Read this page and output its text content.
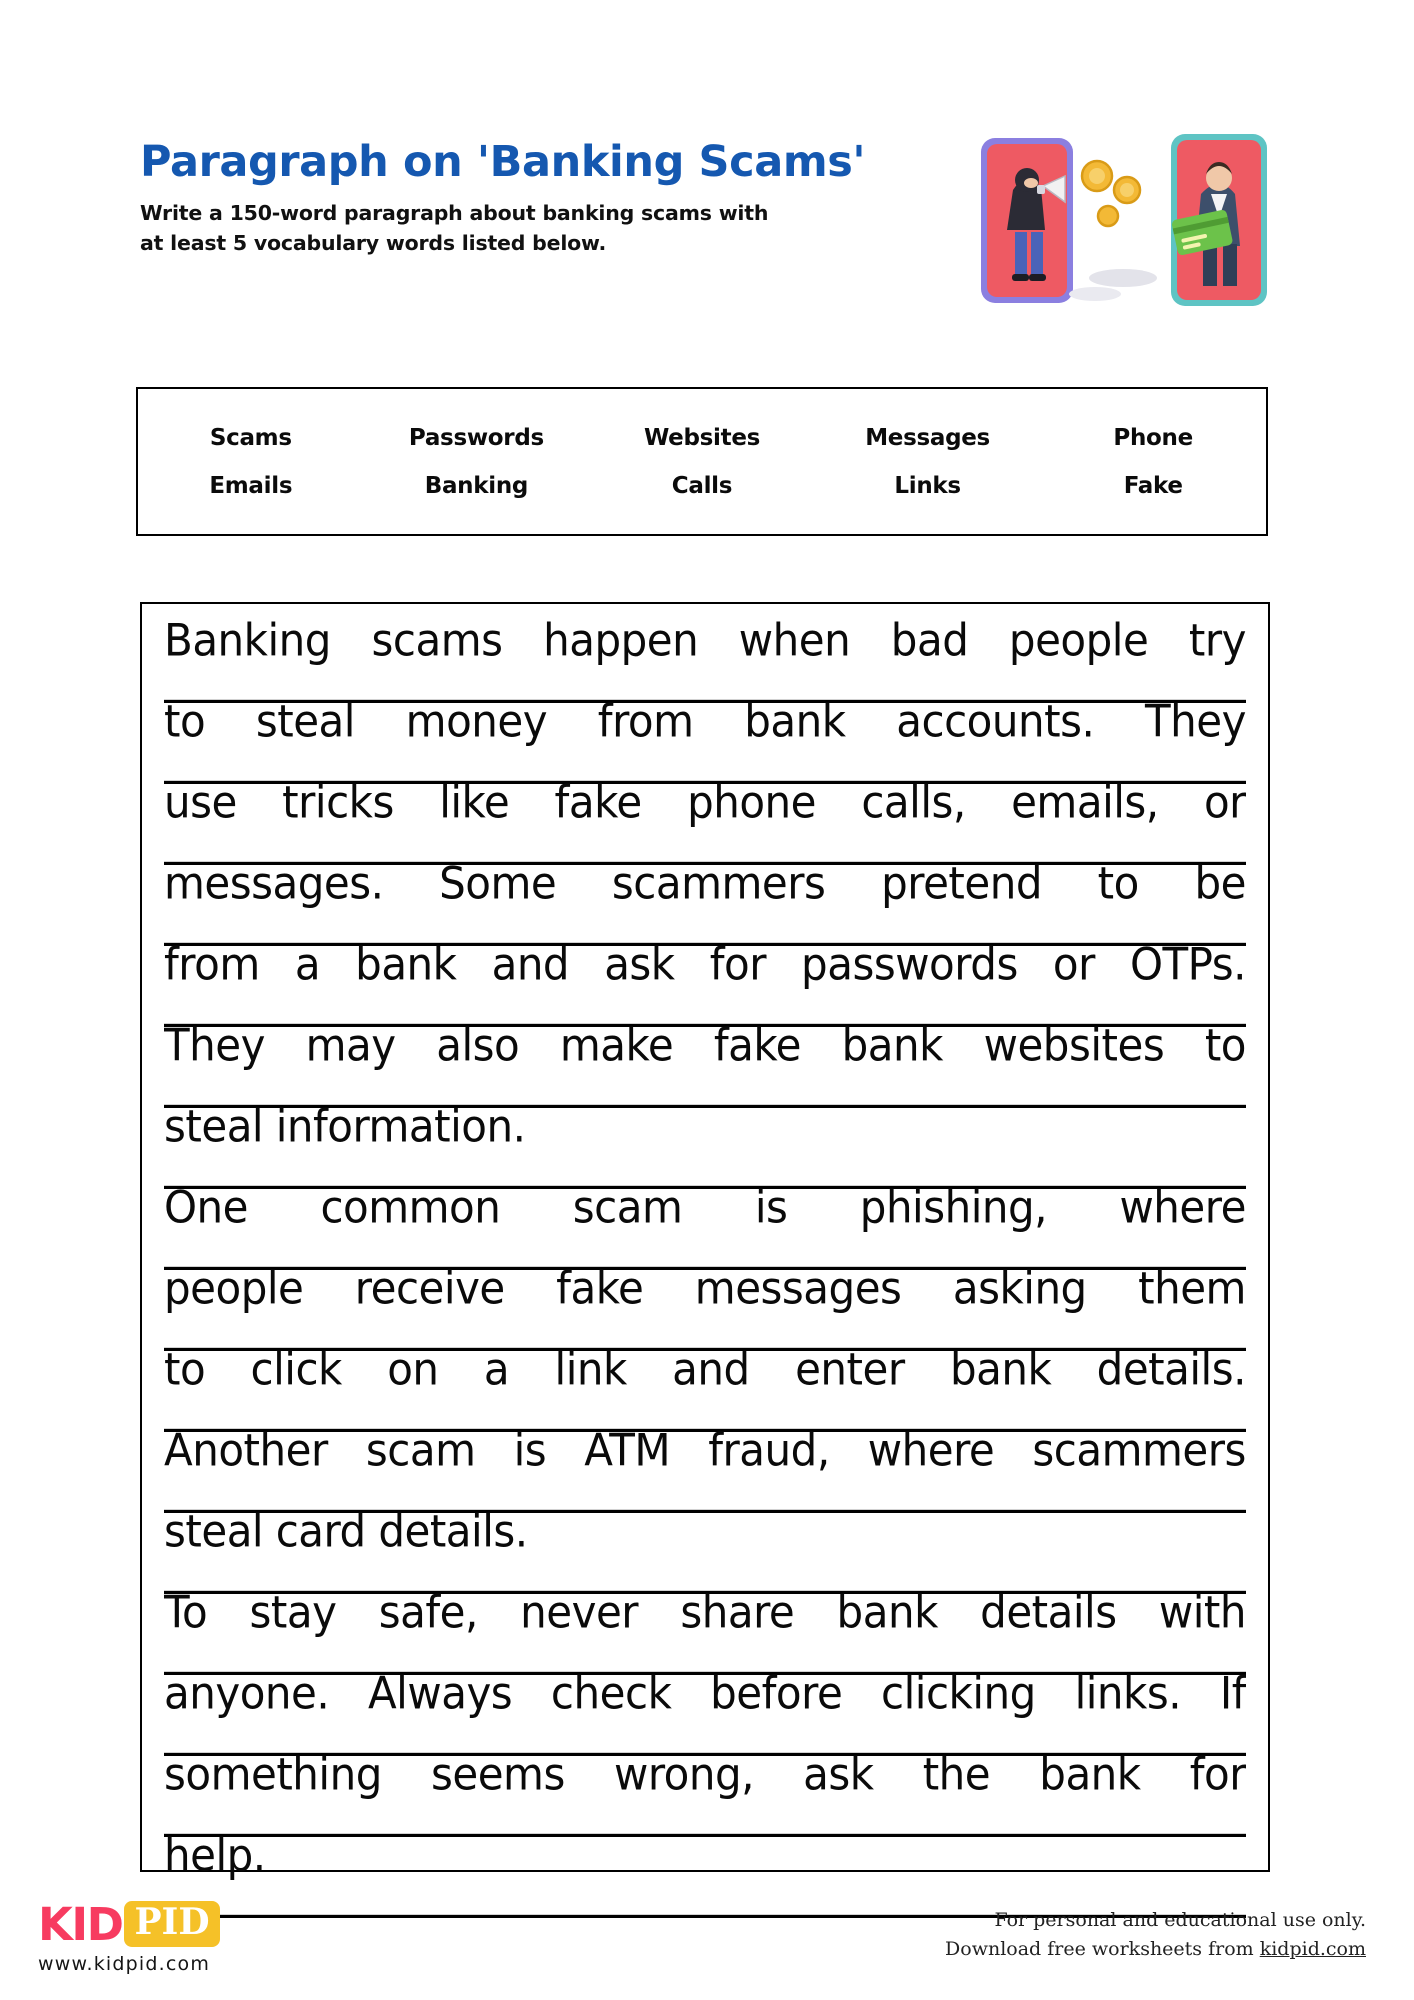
Paragraph on 'Banking Scams'

Write a 150-word paragraph about banking scams with at least 5 vocabulary words listed below.

Scams	Passwords	Websites	Messages	Phone
Emails	Banking	Calls	Links	Fake
Banking scams happen when bad people try
to steal money from bank accounts. They
use tricks like fake phone calls, emails, or
messages. Some scammers pretend to be
from a bank and ask for passwords or OTPs.
They may also make fake bank websites to
steal information.
One common scam is phishing, where
people receive fake messages asking them
to click on a link and enter bank details.
Another scam is ATM fraud, where scammers
steal card details.
To stay safe, never share bank details with
anyone. Always check before clicking links. If
something seems wrong, ask the bank for
help.
KID PID
www.kidpid.com
For personal and educational use only.
Download free worksheets from kidpid.com
